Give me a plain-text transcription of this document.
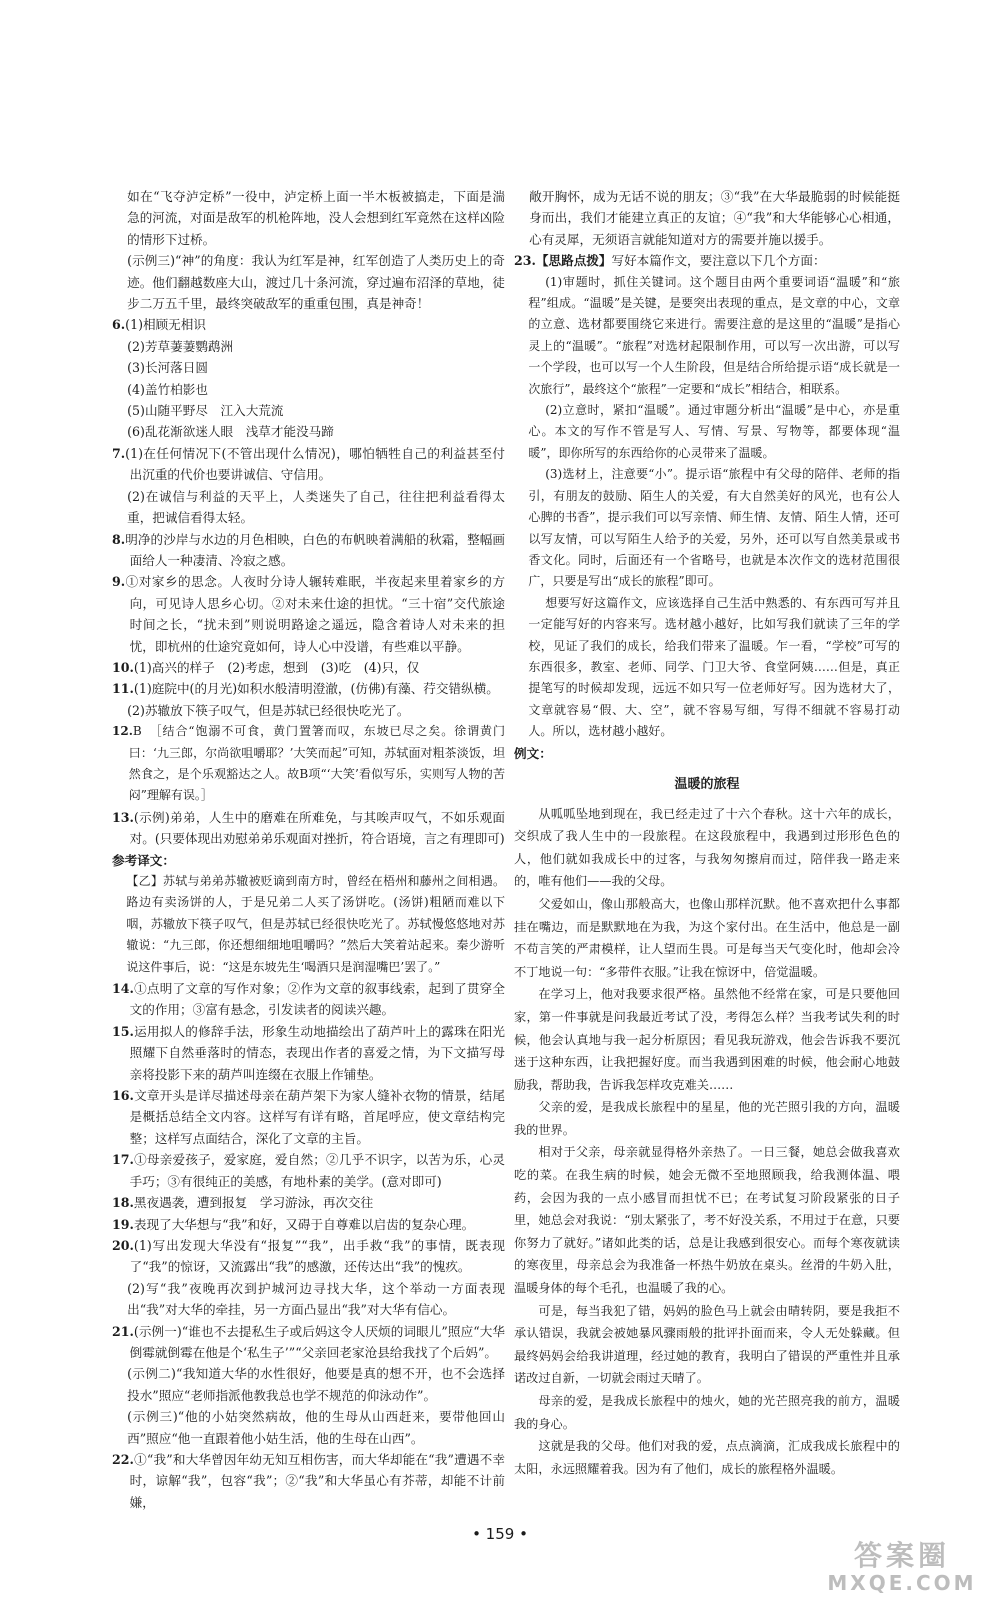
如在“飞夺泸定桥”一役中，泸定桥上面一半木板被搞走，下面是湍急的河流，对面是敌军的机枪阵地，没人会想到红军竟然在这样凶险的情形下过桥。

(示例三)“神”的角度：我认为红军是神，红军创造了人类历史上的奇迹。他们翻越数座大山，渡过几十条河流，穿过遍布沼泽的草地，徒步二万五千里，最终突破敌军的重重包围，真是神奇！

6.(1)相顾无相识

(2)芳草萋萋鹦鹉洲

(3)长河落日圆

(4)盖竹柏影也

(5)山随平野尽　江入大荒流

(6)乱花渐欲迷人眼　浅草才能没马蹄

7.(1)在任何情况下(不管出现什么情况)，哪怕牺牲自己的利益甚至付出沉重的代价也要讲诚信、守信用。

(2)在诚信与利益的天平上，人类迷失了自己，往往把利益看得太重，把诚信看得太轻。

8.明净的沙岸与水边的月色相映，白色的布帆映着满船的秋霜，整幅画面给人一种凄清、冷寂之感。

9.①对家乡的思念。人夜时分诗人辗转难眠，半夜起来里着家乡的方向，可见诗人思乡心切。②对未来仕途的担忧。“三十宿”交代旅途时间之长，“扰未到”则说明路途之遥远，隐含着诗人对未来的担忧，即杭州的仕途究竟如何，诗人心中没谱，有些难以平静。

10.(1)高兴的样子　(2)考虑，想到　(3)吃　(4)只，仅

11.(1)庭院中(的月光)如积水般清明澄澈，(仿佛)有藻、荇交错纵横。

(2)苏辙放下筷子叹气，但是苏轼已经很快吃光了。

12.B　［结合“饱溺不可食，黄门置箸而叹，东坡已尽之矣。徐谓黄门曰：‘九三郎，尔尚欲咀嚼耶？’大笑而起”可知，苏轼面对粗茶淡饭，坦然食之，是个乐观豁达之人。故B项“‘大笑’看似写乐，实则写人物的苦闷”理解有误。］

13.(示例)弟弟，人生中的磨难在所难免，与其唉声叹气，不如乐观面对。(只要体现出劝慰弟弟乐观面对挫折，符合语境，言之有理即可)

参考译文：

【乙】苏轼与弟弟苏辙被贬谪到南方时，曾经在梧州和藤州之间相遇。路边有卖汤饼的人，于是兄弟二人买了汤饼吃。(汤饼)粗陋而难以下咽，苏辙放下筷子叹气，但是苏轼已经很快吃光了。苏轼慢悠悠地对苏辙说：“九三郎，你还想细细地咀嚼吗？”然后大笑着站起来。秦少游听说这件事后，说：“这是东坡先生‘喝酒只是润湿嘴巴’罢了。”

14.①点明了文章的写作对象；②作为文章的叙事线索，起到了贯穿全文的作用；③富有悬念，引发读者的阅读兴趣。

15.运用拟人的修辞手法，形象生动地描绘出了葫芦叶上的露珠在阳光照耀下自然垂落时的情态，表现出作者的喜爱之情，为下文描写母亲将投影下来的葫芦叫连缀在衣服上作铺垫。

16.文章开头是详尽描述母亲在葫芦架下为家人缝补衣物的情景，结尾是概括总结全文内容。这样写有详有略，首尾呼应，使文章结构完整；这样写点面结合，深化了文章的主旨。

17.①母亲爱孩子，爱家庭，爱自然；②几乎不识字，以苦为乐，心灵手巧；③有很纯正的美感，有地朴素的美学。(意对即可)

18.黑夜遇袭，遭到报复　学习游泳，再次交往

19.表现了大华想与“我”和好，又碍于自尊难以启齿的复杂心理。

20.(1)写出发现大华没有“报复”“我”，出手救“我”的事情，既表现了“我”的惊讶，又流露出“我”的感激，还传达出“我”的愧疚。

(2)写“我”夜晚再次到护城河边寻找大华，这个举动一方面表现出“我”对大华的牵挂，另一方面凸显出“我”对大华有信心。

21.(示例一)“谁也不去提私生子或后妈这令人厌烦的词眼儿”照应“大华倒霉就倒霉在他是个‘私生子’”“父亲回老家沧县给我找了个后妈”。

(示例二)“我知道大华的水性很好，他要是真的想不开，也不会选择投水”照应“老师指派他教我总也学不规范的仰泳动作”。

(示例三)“他的小姑突然病故，他的生母从山西赶来，要带他回山西”照应“他一直跟着他小姑生活，他的生母在山西”。

22.①“我”和大华曾因年幼无知互相伤害，而大华却能在“我”遭遇不幸时，谅解“我”，包容“我”；②“我”和大华虽心有芥蒂，却能不计前嫌，

敞开胸怀，成为无话不说的朋友；③“我”在大华最脆弱的时候能挺身而出，我们才能建立真正的友谊；④“我”和大华能够心心相通，心有灵犀，无须语言就能知道对方的需要并施以援手。

23.【思路点拨】写好本篇作文，要注意以下几个方面：

(1)审题时，抓住关键词。这个题目由两个重要词语“温暖”和“旅程”组成。“温暖”是关键，是要突出表现的重点，是文章的中心，文章的立意、选材都要围绕它来进行。需要注意的是这里的“温暖”是指心灵上的“温暖”。“旅程”对选材起限制作用，可以写一次出游，可以写一个学段，也可以写一个人生阶段，但是结合所给提示语“成长就是一次旅行”，最终这个“旅程”一定要和“成长”相结合，相联系。

(2)立意时，紧扣“温暖”。通过审题分析出“温暖”是中心，亦是重心。本文的写作不管是写人、写情、写景、写物等，都要体现“温暖”，即你所写的东西给你的心灵带来了温暖。

(3)选材上，注意要“小”。提示语“旅程中有父母的陪伴、老师的指引，有朋友的鼓励、陌生人的关爱，有大自然美好的风光，也有公人心脾的书香”，提示我们可以写亲情、师生情、友情、陌生人情，还可以写友情，可以写陌生人给予的关爱，另外，还可以写自然美景或书香文化。同时，后面还有一个省略号，也就是本次作文的选材范围很广，只要是写出“成长的旅程”即可。

想要写好这篇作文，应该选择自己生活中熟悉的、有东西可写并且一定能写好的内容来写。选材越小越好，比如写我们就读了三年的学校，见证了我们的成长，给我们带来了温暖。乍一看，“学校”可写的东西很多，教室、老师、同学、门卫大爷、食堂阿姨……但是，真正提笔写的时候却发现，远远不如只写一位老师好写。因为选材大了，文章就容易“假、大、空”，就不容易写细，写得不细就不容易打动人。所以，选材越小越好。

例文：

温暖的旅程

从呱呱坠地到现在，我已经走过了十六个春秋。这十六年的成长，交织成了我人生中的一段旅程。在这段旅程中，我遇到过形形色色的人，他们就如我成长中的过客，与我匆匆擦肩而过，陪伴我一路走来的，唯有他们——我的父母。

父爱如山，像山那般高大，也像山那样沉默。他不喜欢把什么事都挂在嘴边，而是默默地在为我，为这个家付出。在生活中，他总是一副不苟言笑的严肃模样，让人望而生畏。可是每当天气变化时，他却会冷不丁地说一句：“多带件衣服。”让我在惊讶中，倍觉温暖。

在学习上，他对我要求很严格。虽然他不经常在家，可是只要他回家，第一件事就是问我最近考试了没，考得怎么样？当我考试失利的时候，他会认真地与我一起分析原因；看见我玩游戏，他会告诉我不要沉迷于这种东西，让我把握好度。而当我遇到困难的时候，他会耐心地鼓励我，帮助我，告诉我怎样攻克难关……

父亲的爱，是我成长旅程中的星星，他的光芒照引我的方向，温暖我的世界。

相对于父亲，母亲就显得格外亲热了。一日三餐，她总会做我喜欢吃的菜。在我生病的时候，她会无微不至地照顾我，给我测体温、喂药，会因为我的一点小感冒而担忧不已；在考试复习阶段紧张的日子里，她总会对我说：“别太紧张了，考不好没关系，不用过于在意，只要你努力了就好。”诸如此类的话，总是让我感到很安心。而每个寒夜就读的寒夜里，母亲总会为我准备一杯热牛奶放在桌头。丝滑的牛奶入肚，温暖身体的每个毛孔，也温暖了我的心。

可是，每当我犯了错，妈妈的脸色马上就会由晴转阴，要是我拒不承认错误，我就会被她暴风骤雨般的批评扑面而来，令人无处躲藏。但最终妈妈会给我讲道理，经过她的教育，我明白了错误的严重性并且承诺改过自新，一切就会雨过天晴了。

母亲的爱，是我成长旅程中的烛火，她的光芒照亮我的前方，温暖我的身心。

这就是我的父母。他们对我的爱，点点滴滴，汇成我成长旅程中的太阳，永远照耀着我。因为有了他们，成长的旅程格外温暖。

• 159 •
答案圈
MXQE.COM
